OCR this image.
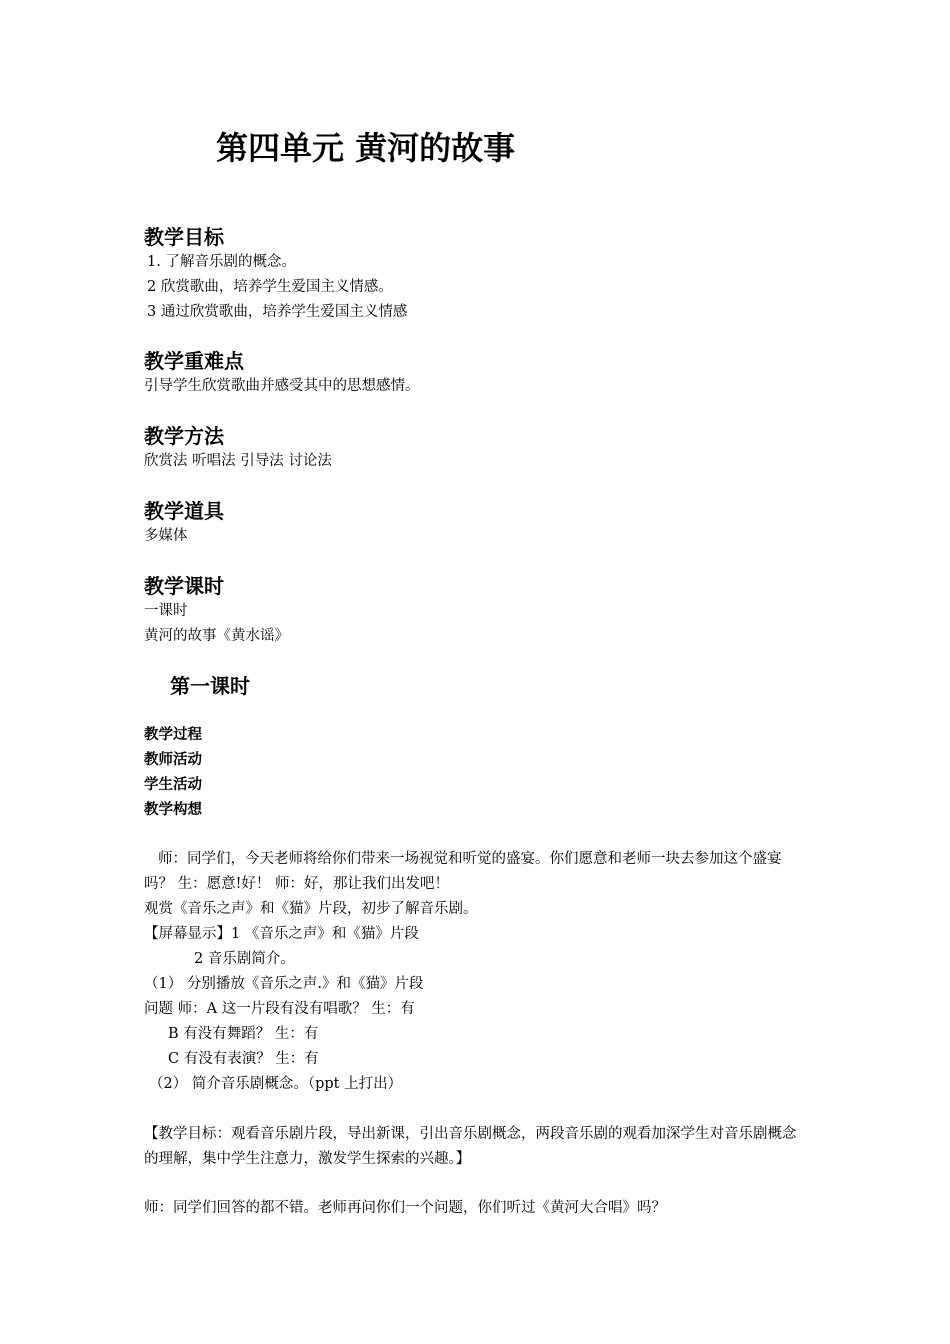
第四单元 黄河的故事
教学目标
1. 了解音乐剧的概念。
2 欣赏歌曲，培养学生爱国主义情感。
3 通过欣赏歌曲，培养学生爱国主义情感
教学重难点
引导学生欣赏歌曲并感受其中的思想感情。
教学方法
欣赏法 听唱法 引导法 讨论法
教学道具
多媒体
教学课时
一课时
黄河的故事《黄水谣》
第一课时
教学过程
教师活动
学生活动
教学构想
师：同学们，今天老师将给你们带来一场视觉和听觉的盛宴。你们愿意和老师一块去参加这个盛宴吗？ 生：愿意!好！ 师：好，那让我们出发吧！
观赏《音乐之声》和《猫》片段，初步了解音乐剧。
【屏幕显示】1 《音乐之声》和《猫》片段
2 音乐剧简介。
（1） 分别播放《音乐之声.》和《猫》片段
问题 师：A 这一片段有没有唱歌？ 生：有
B 有没有舞蹈？ 生：有
C 有没有表演？ 生：有
（2） 简介音乐剧概念。（ppt 上打出）
【教学目标：观看音乐剧片段，导出新课，引出音乐剧概念，两段音乐剧的观看加深学生对音乐剧概念的理解，集中学生注意力，激发学生探索的兴趣。】
师：同学们回答的都不错。老师再问你们一个问题，你们听过《黄河大合唱》吗？
